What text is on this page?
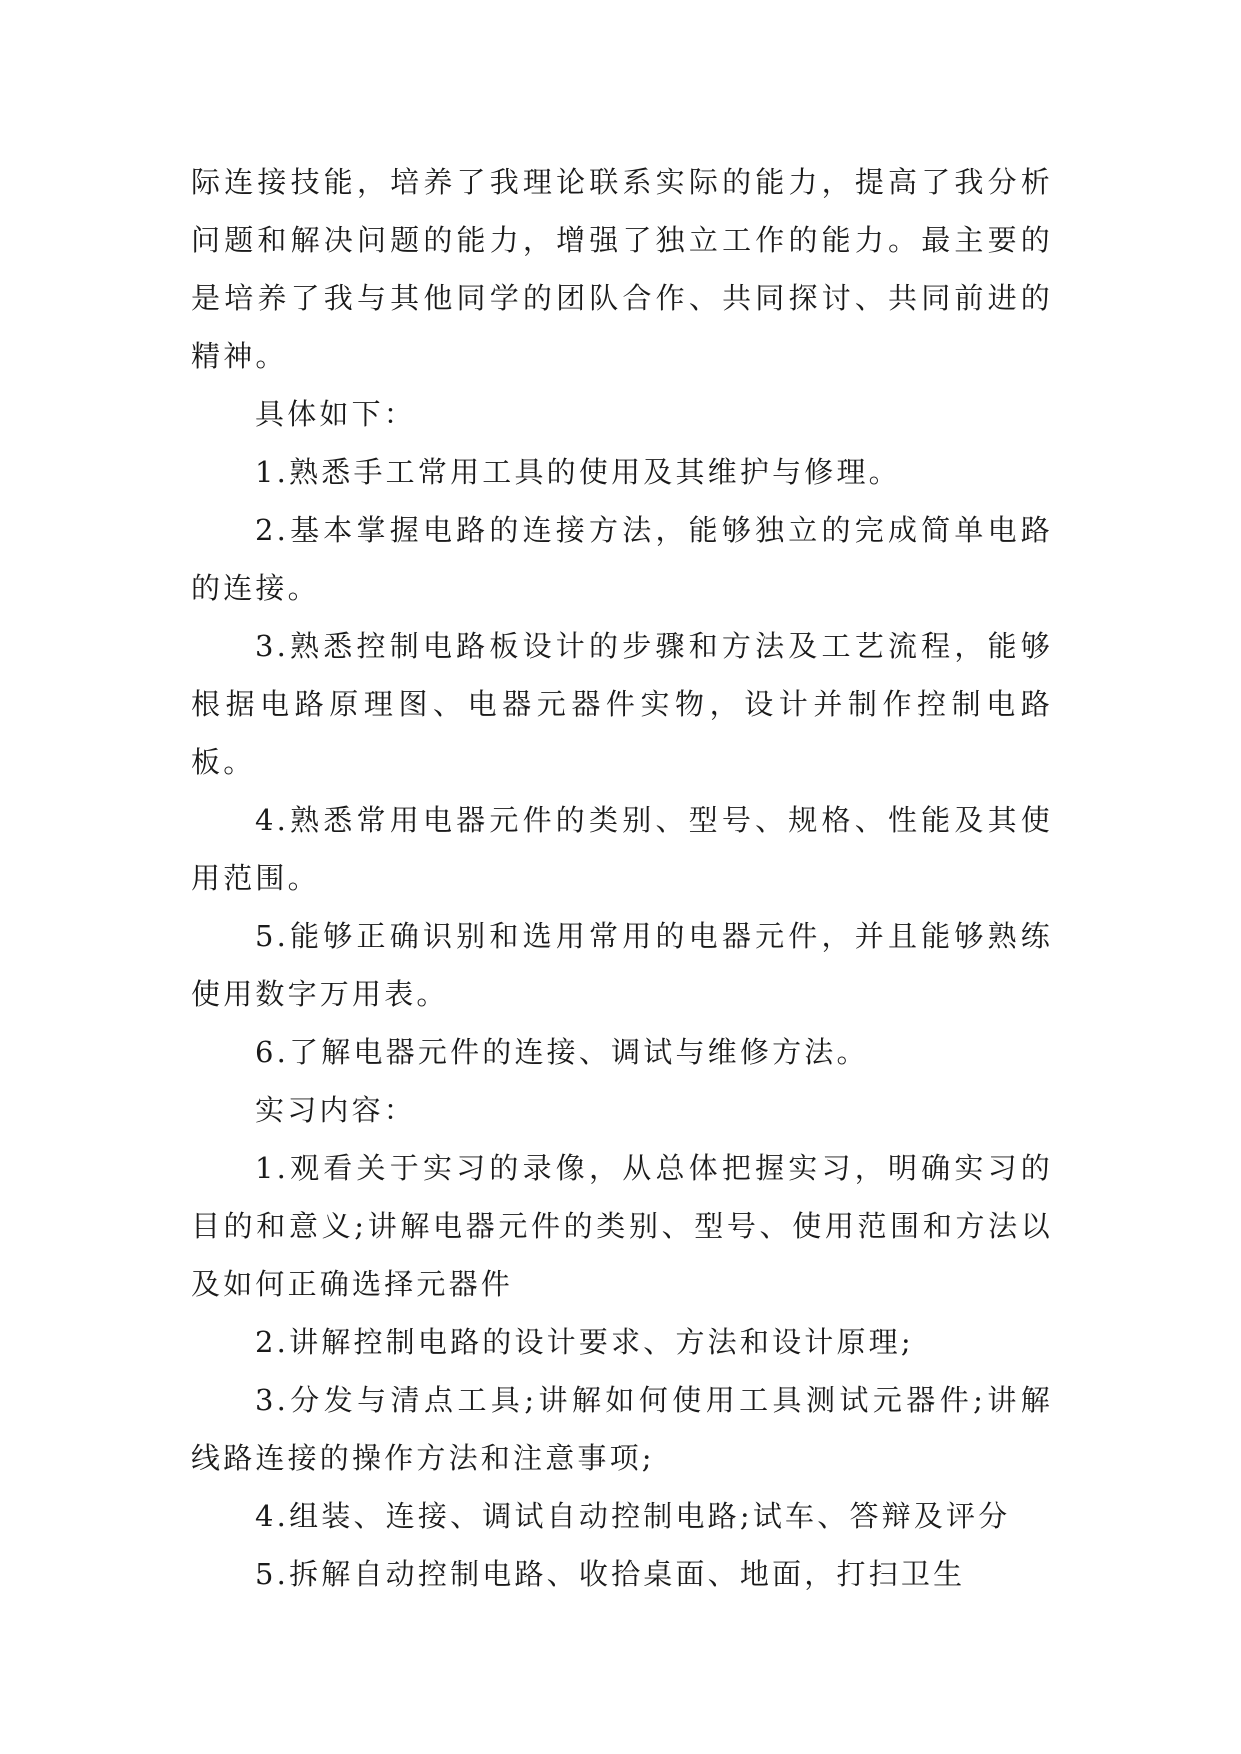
际连接技能，培养了我理论联系实际的能力，提高了我分析问题和解决问题的能力，增强了独立工作的能力。最主要的是培养了我与其他同学的团队合作、共同探讨、共同前进的精神。

具体如下：

1.熟悉手工常用工具的使用及其维护与修理。

2.基本掌握电路的连接方法，能够独立的完成简单电路的连接。

3.熟悉控制电路板设计的步骤和方法及工艺流程，能够根据电路原理图、电器元器件实物，设计并制作控制电路板。

4.熟悉常用电器元件的类别、型号、规格、性能及其使用范围。

5.能够正确识别和选用常用的电器元件，并且能够熟练使用数字万用表。

6.了解电器元件的连接、调试与维修方法。

实习内容：

1.观看关于实习的录像，从总体把握实习，明确实习的目的和意义;讲解电器元件的类别、型号、使用范围和方法以及如何正确选择元器件

2.讲解控制电路的设计要求、方法和设计原理;

3.分发与清点工具;讲解如何使用工具测试元器件;讲解线路连接的操作方法和注意事项;

4.组装、连接、调试自动控制电路;试车、答辩及评分

5.拆解自动控制电路、收拾桌面、地面，打扫卫生
